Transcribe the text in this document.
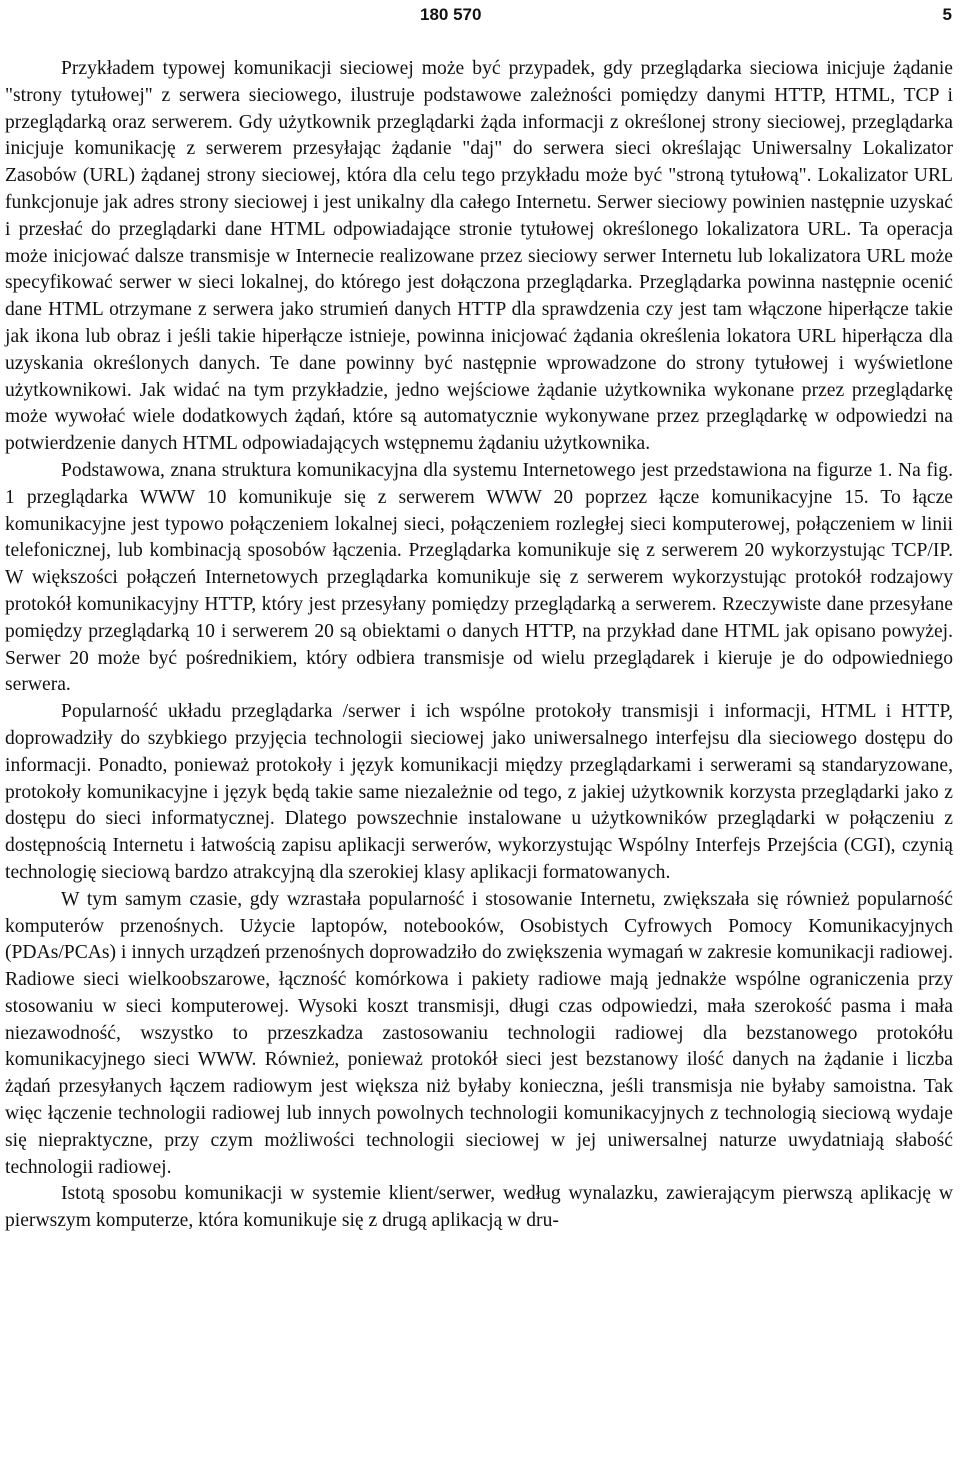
180 570	5

Przykładem typowej komunikacji sieciowej może być przypadek, gdy przeglądarka sieciowa inicjuje żądanie "strony tytułowej" z serwera sieciowego, ilustruje podstawowe zależności pomiędzy danymi HTTP, HTML, TCP i przeglądarką oraz serwerem. Gdy użytkownik przeglądarki żąda informacji z określonej strony sieciowej, przeglądarka inicjuje komunikację z serwerem przesyłając żądanie "daj" do serwera sieci określając Uniwersalny Lokalizator Zasobów (URL) żądanej strony sieciowej, która dla celu tego przykładu może być "stroną tytułową". Lokalizator URL funkcjonuje jak adres strony sieciowej i jest unikalny dla całego Internetu. Serwer sieciowy powinien następnie uzyskać i przesłać do przeglądarki dane HTML odpowiadające stronie tytułowej określonego lokalizatora URL. Ta operacja może inicjować dalsze transmisje w Internecie realizowane przez sieciowy serwer Internetu lub lokalizatora URL może specyfikować serwer w sieci lokalnej, do którego jest dołączona przeglądarka. Przeglądarka powinna następnie ocenić dane HTML otrzymane z serwera jako strumień danych HTTP dla sprawdzenia czy jest tam włączone hiperłącze takie jak ikona lub obraz i jeśli takie hiperłącze istnieje, powinna inicjować żądania określenia lokatora URL hiperłącza dla uzyskania określonych danych. Te dane powinny być następnie wprowadzone do strony tytułowej i wyświetlone użytkownikowi. Jak widać na tym przykładzie, jedno wejściowe żądanie użytkownika wykonane przez przeglądarkę może wywołać wiele dodatkowych żądań, które są automatycznie wykonywane przez przeglądarkę w odpowiedzi na potwierdzenie danych HTML odpowiadających wstępnemu żądaniu użytkownika.

Podstawowa, znana struktura komunikacyjna dla systemu Internetowego jest przedstawiona na figurze 1. Na fig. 1 przeglądarka WWW 10 komunikuje się z serwerem WWW 20 poprzez łącze komunikacyjne 15. To łącze komunikacyjne jest typowo połączeniem lokalnej sieci, połączeniem rozległej sieci komputerowej, połączeniem w linii telefonicznej, lub kombinacją sposobów łączenia. Przeglądarka komunikuje się z serwerem 20 wykorzystując TCP/IP. W większości połączeń Internetowych przeglądarka komunikuje się z serwerem wykorzystując protokół rodzajowy protokół komunikacyjny HTTP, który jest przesyłany pomiędzy przeglądarką a serwerem. Rzeczywiste dane przesyłane pomiędzy przeglądarką 10 i serwerem 20 są obiektami o danych HTTP, na przykład dane HTML jak opisano powyżej. Serwer 20 może być pośrednikiem, który odbiera transmisje od wielu przeglądarek i kieruje je do odpowiedniego serwera.

Popularność układu przeglądarka /serwer i ich wspólne protokoły transmisji i informacji, HTML i HTTP, doprowadziły do szybkiego przyjęcia technologii sieciowej jako uniwersalnego interfejsu dla sieciowego dostępu do informacji. Ponadto, ponieważ protokoły i język komunikacji między przeglądarkami i serwerami są standaryzowane, protokoły komunikacyjne i język będą takie same niezależnie od tego, z jakiej użytkownik korzysta przeglądarki jako z dostępu do sieci informatycznej. Dlatego powszechnie instalowane u użytkowników przeglądarki w połączeniu z dostępnością Internetu i łatwością zapisu aplikacji serwerów, wykorzystując Wspólny Interfejs Przejścia (CGI), czynią technologię sieciową bardzo atrakcyjną dla szerokiej klasy aplikacji formatowanych.

W tym samym czasie, gdy wzrastała popularność i stosowanie Internetu, zwiększała się również popularność komputerów przenośnych. Użycie laptopów, notebooków, Osobistych Cyfrowych Pomocy Komunikacyjnych (PDAs/PCAs) i innych urządzeń przenośnych doprowadziło do zwiększenia wymagań w zakresie komunikacji radiowej. Radiowe sieci wielkoobszarowe, łączność komórkowa i pakiety radiowe mają jednakże wspólne ograniczenia przy stosowaniu w sieci komputerowej. Wysoki koszt transmisji, długi czas odpowiedzi, mała szerokość pasma i mała niezawodność, wszystko to przeszkadza zastosowaniu technologii radiowej dla bezstanowego protokółu komunikacyjnego sieci WWW. Również, ponieważ protokół sieci jest bezstanowy ilość danych na żądanie i liczba żądań przesyłanych łączem radiowym jest większa niż byłaby konieczna, jeśli transmisja nie byłaby samoistna. Tak więc łączenie technologii radiowej lub innych powolnych technologii komunikacyjnych z technologią sieciową wydaje się niepraktyczne, przy czym możliwości technologii sieciowej w jej uniwersalnej naturze uwydatniają słabość technologii radiowej.

Istotą sposobu komunikacji w systemie klient/serwer, według wynalazku, zawierającym pierwszą aplikację w pierwszym komputerze, która komunikuje się z drugą aplikacją w dru-
